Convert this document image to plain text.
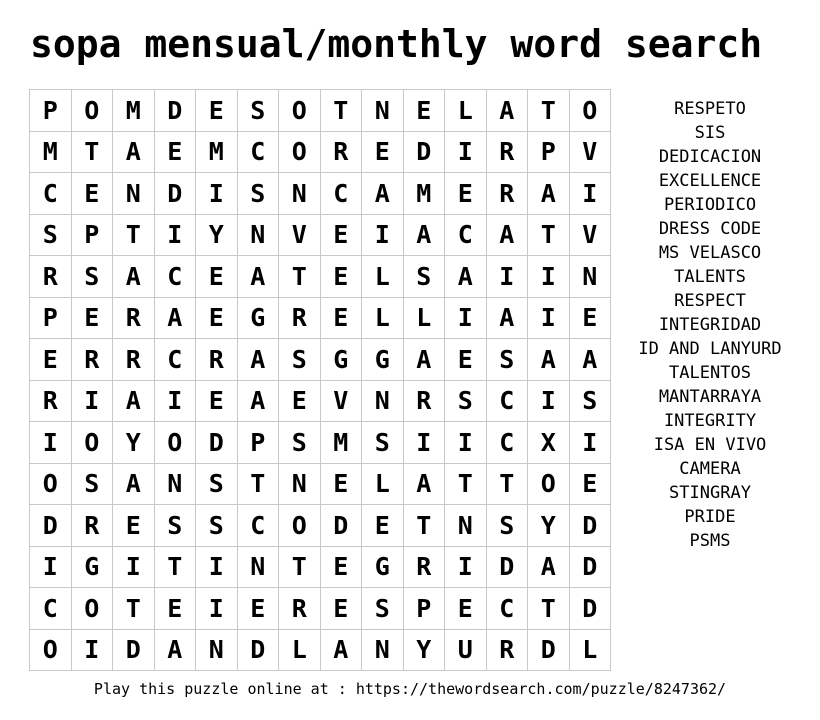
sopa mensual/monthly word search
P	O	M	D	E	S	O	T	N	E	L	A	T	O
M	T	A	E	M	C	O	R	E	D	I	R	P	V
C	E	N	D	I	S	N	C	A	M	E	R	A	I
S	P	T	I	Y	N	V	E	I	A	C	A	T	V
R	S	A	C	E	A	T	E	L	S	A	I	I	N
P	E	R	A	E	G	R	E	L	L	I	A	I	E
E	R	R	C	R	A	S	G	G	A	E	S	A	A
R	I	A	I	E	A	E	V	N	R	S	C	I	S
I	O	Y	O	D	P	S	M	S	I	I	C	X	I
O	S	A	N	S	T	N	E	L	A	T	T	O	E
D	R	E	S	S	C	O	D	E	T	N	S	Y	D
I	G	I	T	I	N	T	E	G	R	I	D	A	D
C	O	T	E	I	E	R	E	S	P	E	C	T	D
O	I	D	A	N	D	L	A	N	Y	U	R	D	L
RESPETO
SIS
DEDICACION
EXCELLENCE
PERIODICO
DRESS CODE
MS VELASCO
TALENTS
RESPECT
INTEGRIDAD
ID AND LANYURD
TALENTOS
MANTARRAYA
INTEGRITY
ISA EN VIVO
CAMERA
STINGRAY
PRIDE
PSMS
Play this puzzle online at : https://thewordsearch.com/puzzle/8247362/
